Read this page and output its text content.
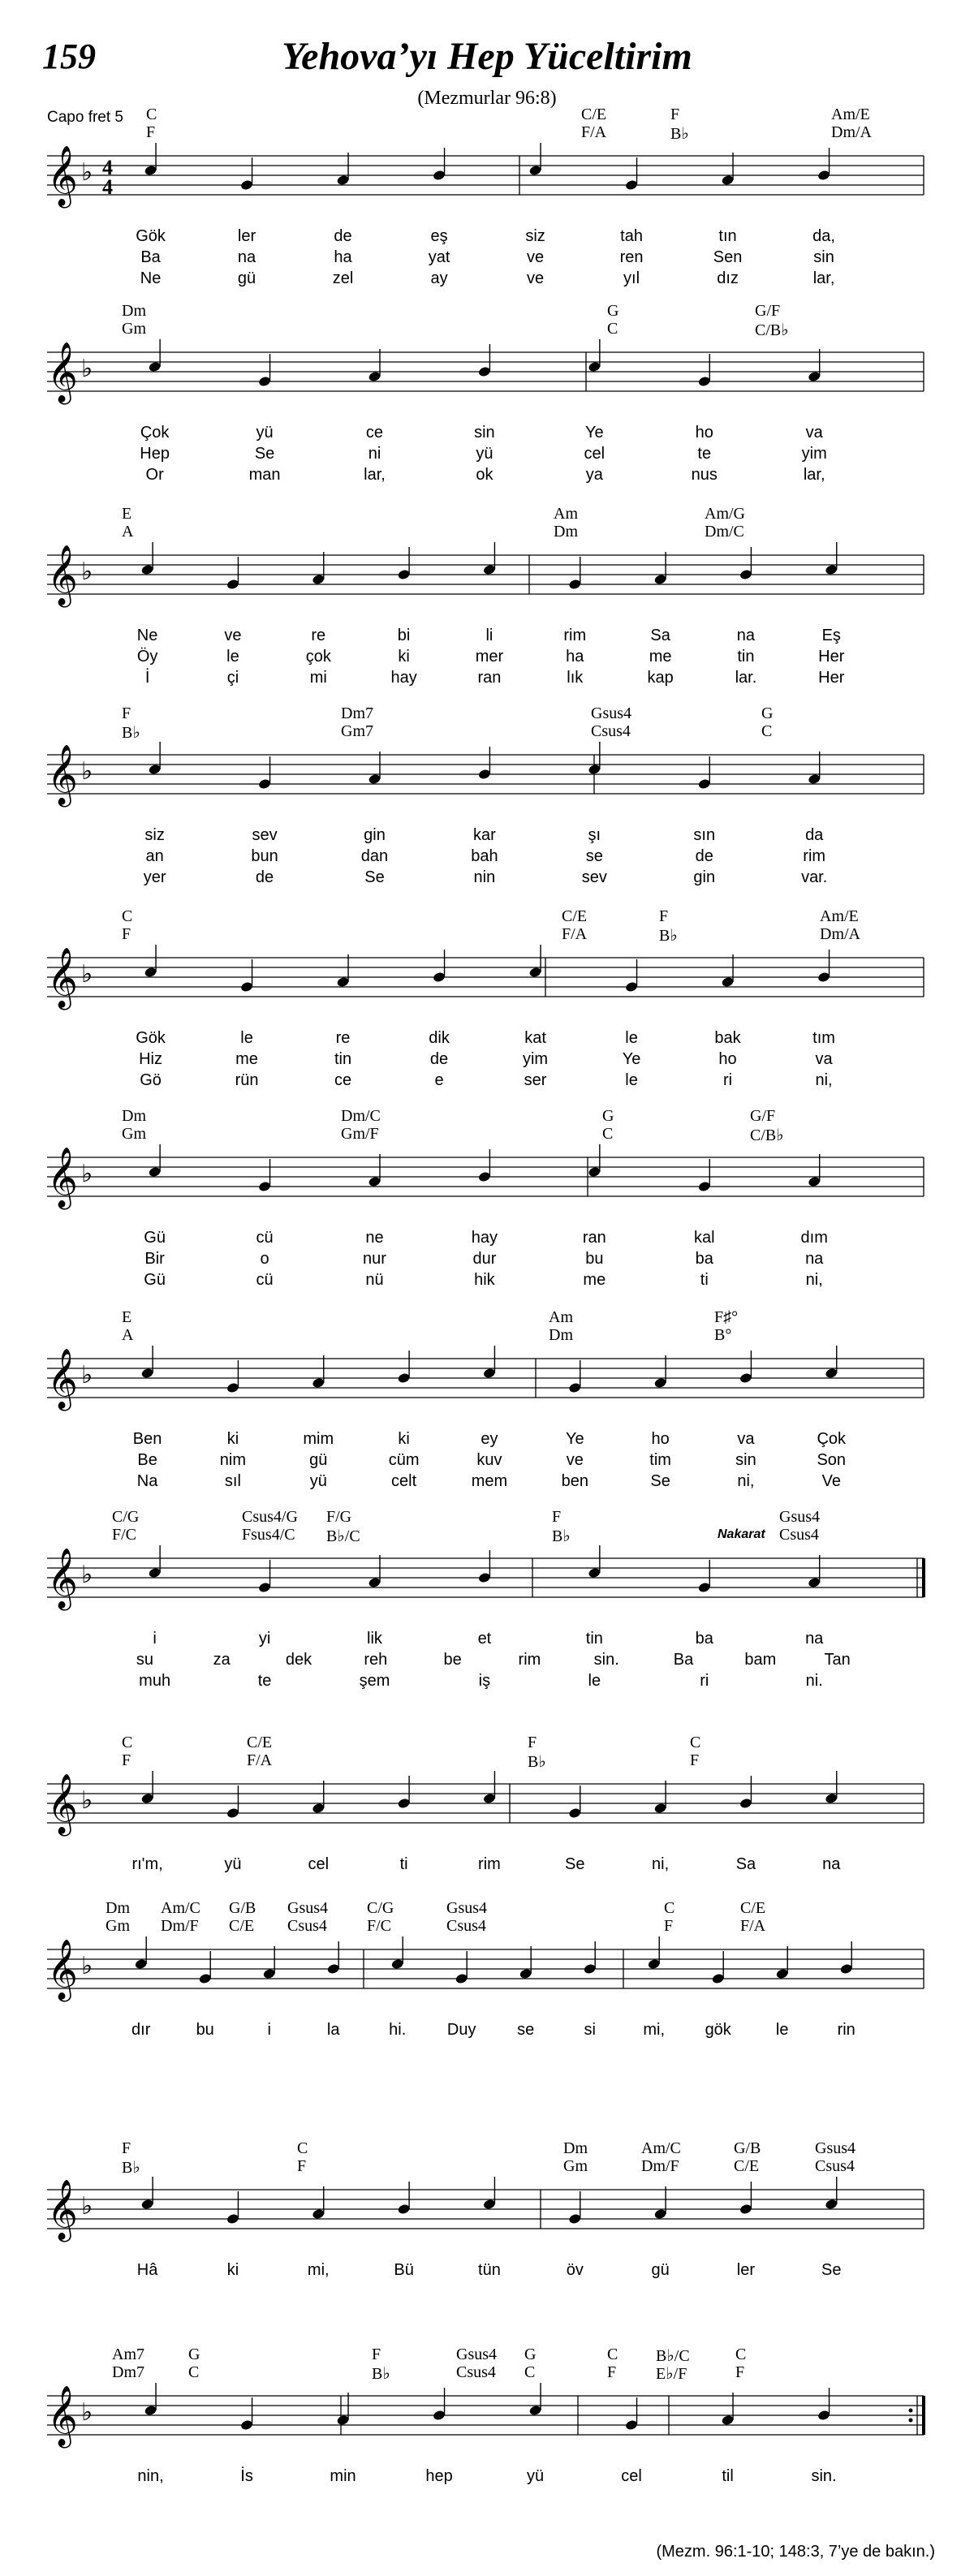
159	Yehova’yı Hep Yüceltirim
(Mezmurlar 96:8)
Capo fret 5 C
F
C/E
F/A
F
B♭
Am/E
Dm/A
𝄞 ♭ 4
4
Gök	ler	de	eş	siz	tah	tın	da,
Ba	na	ha	yat	ve	ren	Sen	sin
Ne	gü	zel	ay	ve	yıl	dız	lar,
Dm
Gm
G
C
G/F
C/B♭
𝄞 ♭
Çok	yü	ce	sin	Ye	ho	va
Hep	Se	ni	yü	cel	te	yim
Or	man	lar,	ok	ya	nus	lar,
E
A
Am
Dm
Am/G
Dm/C
𝄞 ♭
Ne	ve	re	bi	li	rim	Sa	na	Eş
Öy	le	çok	ki	mer	ha	me	tin	Her
İ	çi	mi	hay	ran	lık	kap	lar.	Her
F
B♭
Dm7
Gm7
Gsus4
Csus4
G
C
𝄞 ♭
siz	sev	gin	kar	şı	sın	da
an	bun	dan	bah	se	de	rim
yer	de	Se	nin	sev	gin	var.
C
F
C/E
F/A
F
B♭
Am/E
Dm/A
𝄞 ♭
Gök	le	re	dik	kat	le	bak	tım
Hiz	me	tin	de	yim	Ye	ho	va
Gö	rün	ce	e	ser	le	ri	ni,
Dm
Gm
Dm/C
Gm/F
G
C
G/F
C/B♭
𝄞 ♭
Gü	cü	ne	hay	ran	kal	dım
Bir	o	nur	dur	bu	ba	na
Gü	cü	nü	hik	me	ti	ni,
E
A
Am
Dm
F♯°
B°
𝄞 ♭
Ben	ki	mim	ki	ey	Ye	ho	va	Çok
Be	nim	gü	cüm	kuv	ve	tim	sin	Son
Na	sıl	yü	celt	mem	ben	Se	ni,	Ve
C/G
F/C
Csus4/G
Fsus4/C
F/G
B♭/C
F
B♭
Gsus4
Csus4
Nakarat
𝄞 ♭
i	yi	lik	et	tin	ba	na
su	za	dek	reh	be	rim	sin.	Ba	bam	Tan
muh	te	şem	iş	le	ri	ni.
C
F
C/E
F/A
F
B♭
C
F
𝄞 ♭
rı'm,	yü	cel	ti	rim	Se	ni,	Sa	na
Dm
Gm
Am/C
Dm/F
G/B
C/E
Gsus4
Csus4
C/G
F/C
Gsus4
Csus4
C
F
C/E
F/A
𝄞 ♭
dır	bu	i	la	hi.	Duy	se	si	mi, gök	le	rin
F
B♭
C
F
Dm
Gm
Am/C
Dm/F
G/B
C/E
Gsus4
Csus4
𝄞 ♭
Hâ	ki	mi,	Bü	tün	öv	gü	ler	Se
Am7
Dm7
G
C
F
B♭
Gsus4
Csus4
G
C
C
F
B♭/C
E♭/F
C
F
𝄞 ♭
nin,	İs	min	hep	yü	cel	til	sin.
(Mezm. 96:1-10; 148:3, 7’ye de bakın.)
